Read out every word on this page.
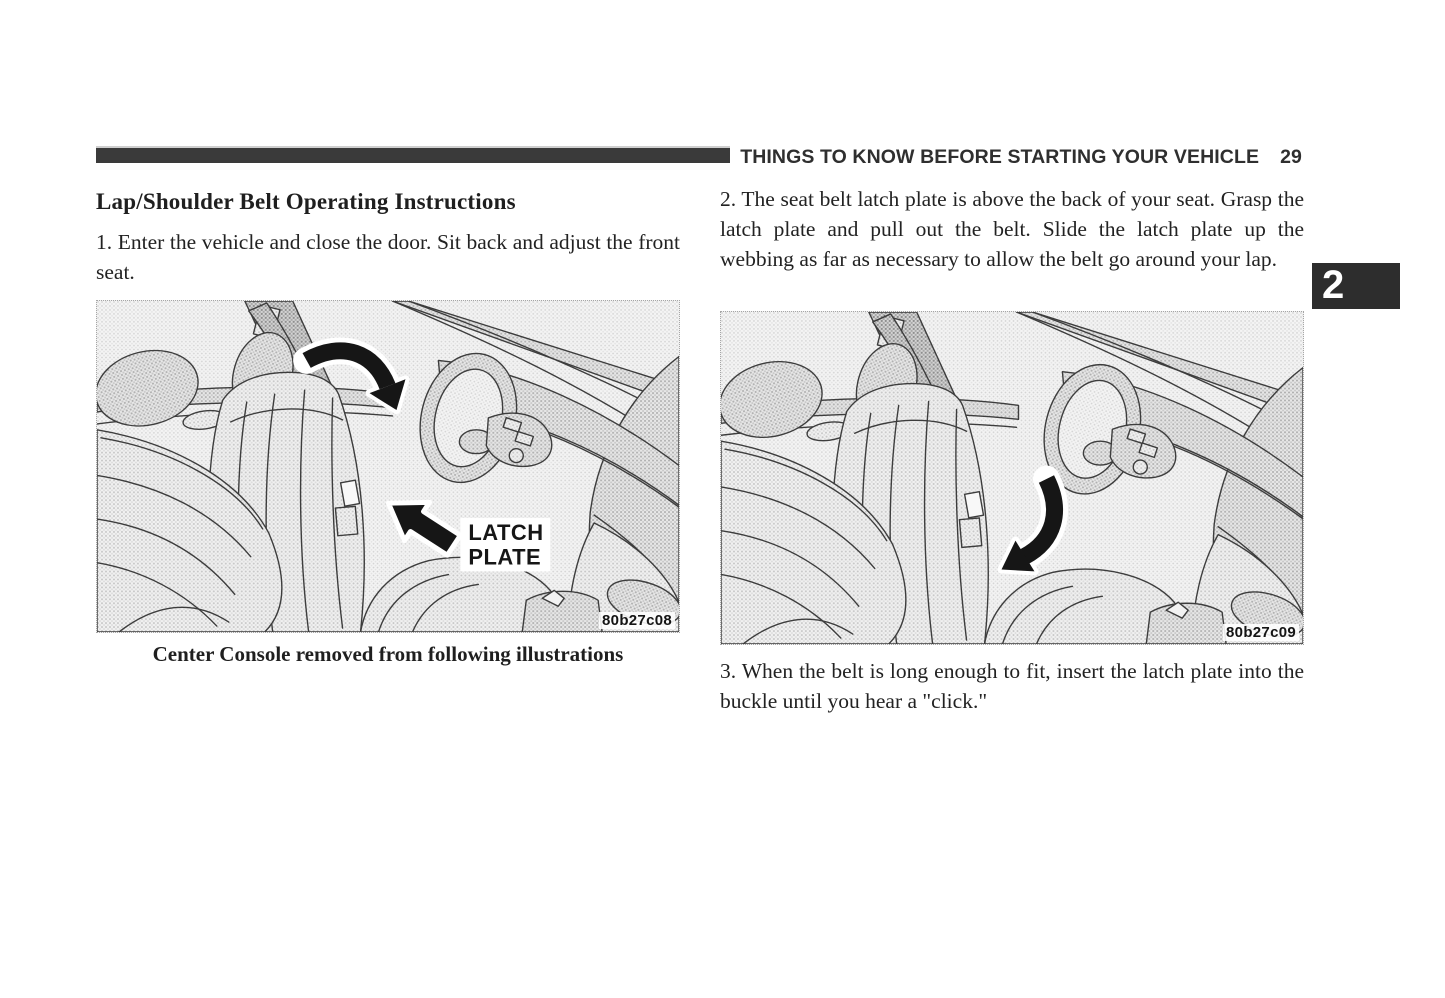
THINGS TO KNOW BEFORE STARTING YOUR VEHICLE 29
2
Lap/Shoulder Belt Operating Instructions

1. Enter the vehicle and close the door. Sit back and adjust the front seat.

LATCH
PLATE
80b27c08

Center Console removed from following illustrations

2. The seat belt latch plate is above the back of your seat. Grasp the latch plate and pull out the belt. Slide the latch plate up the webbing as far as necessary to allow the belt go around your lap.

80b27c09

3. When the belt is long enough to fit, insert the latch plate into the buckle until you hear a "click."
